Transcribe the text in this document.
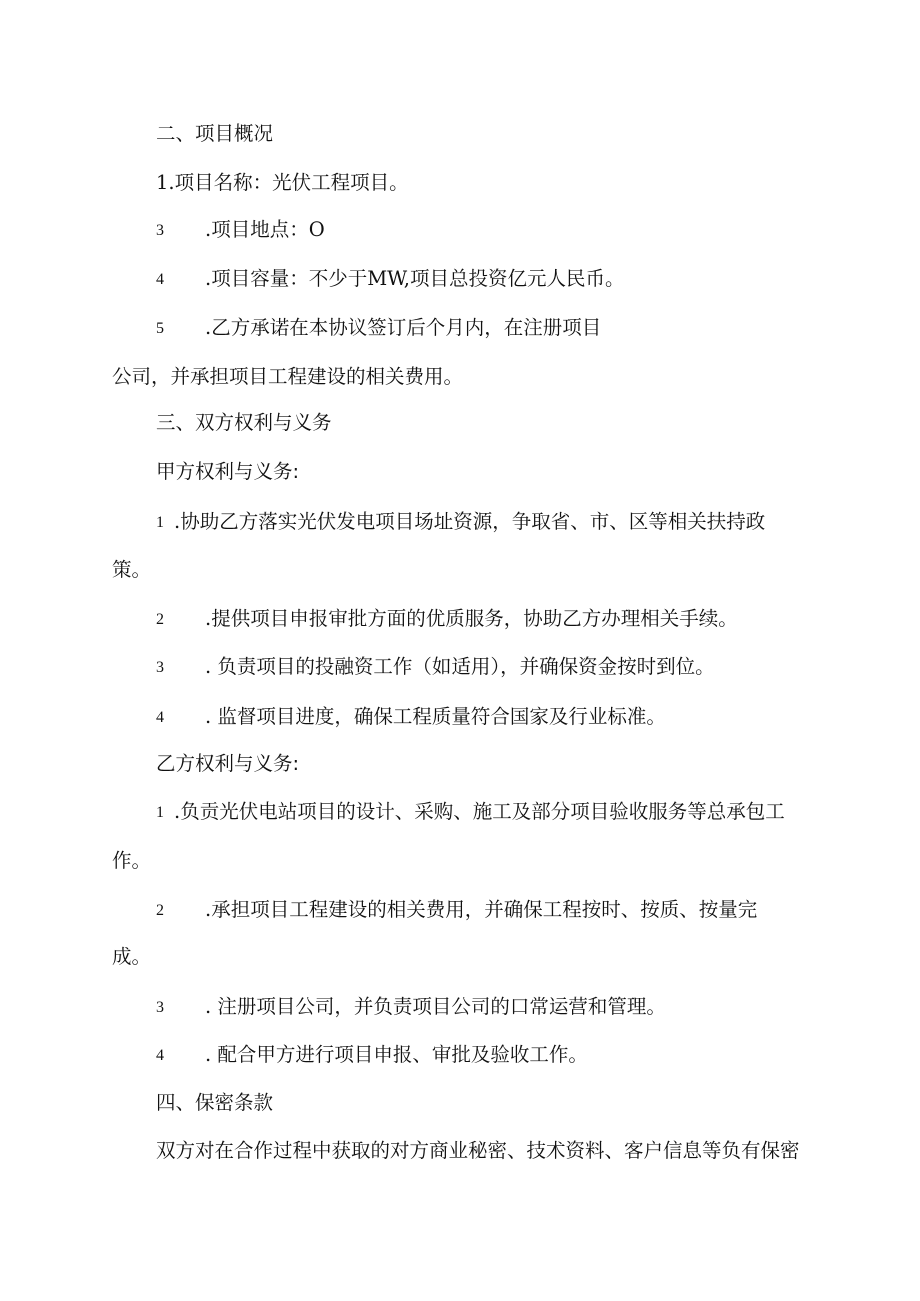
二、项目概况
1.项目名称：光伏工程项目。
3 .项目地点：O
4 .项目容量：不少于MW,项目总投资亿元人民币。
5 .乙方承诺在本协议签订后个月内，在注册项目
公司，并承担项目工程建设的相关费用。
三、双方权利与义务
甲方权利与义务:
1 .协助乙方落实光伏发电项目场址资源，争取省、市、区等相关扶持政
策。
2 .提供项目申报审批方面的优质服务，协助乙方办理相关手续。
3 . 负责项目的投融资工作（如适用），并确保资金按时到位。
4 . 监督项目进度，确保工程质量符合国家及行业标准。
乙方权利与义务:
1 .负贡光伏电站项目的设计、采购、施工及部分项目验收服务等总承包工
作。
2 .承担项目工程建设的相关费用，并确保工程按时、按质、按量完
成。
3 . 注册项目公司，并负责项目公司的口常运营和管理。
4 . 配合甲方进行项目申报、审批及验收工作。
四、保密条款
双方对在合作过程中获取的对方商业秘密、技术资料、客户信息等负有保密
